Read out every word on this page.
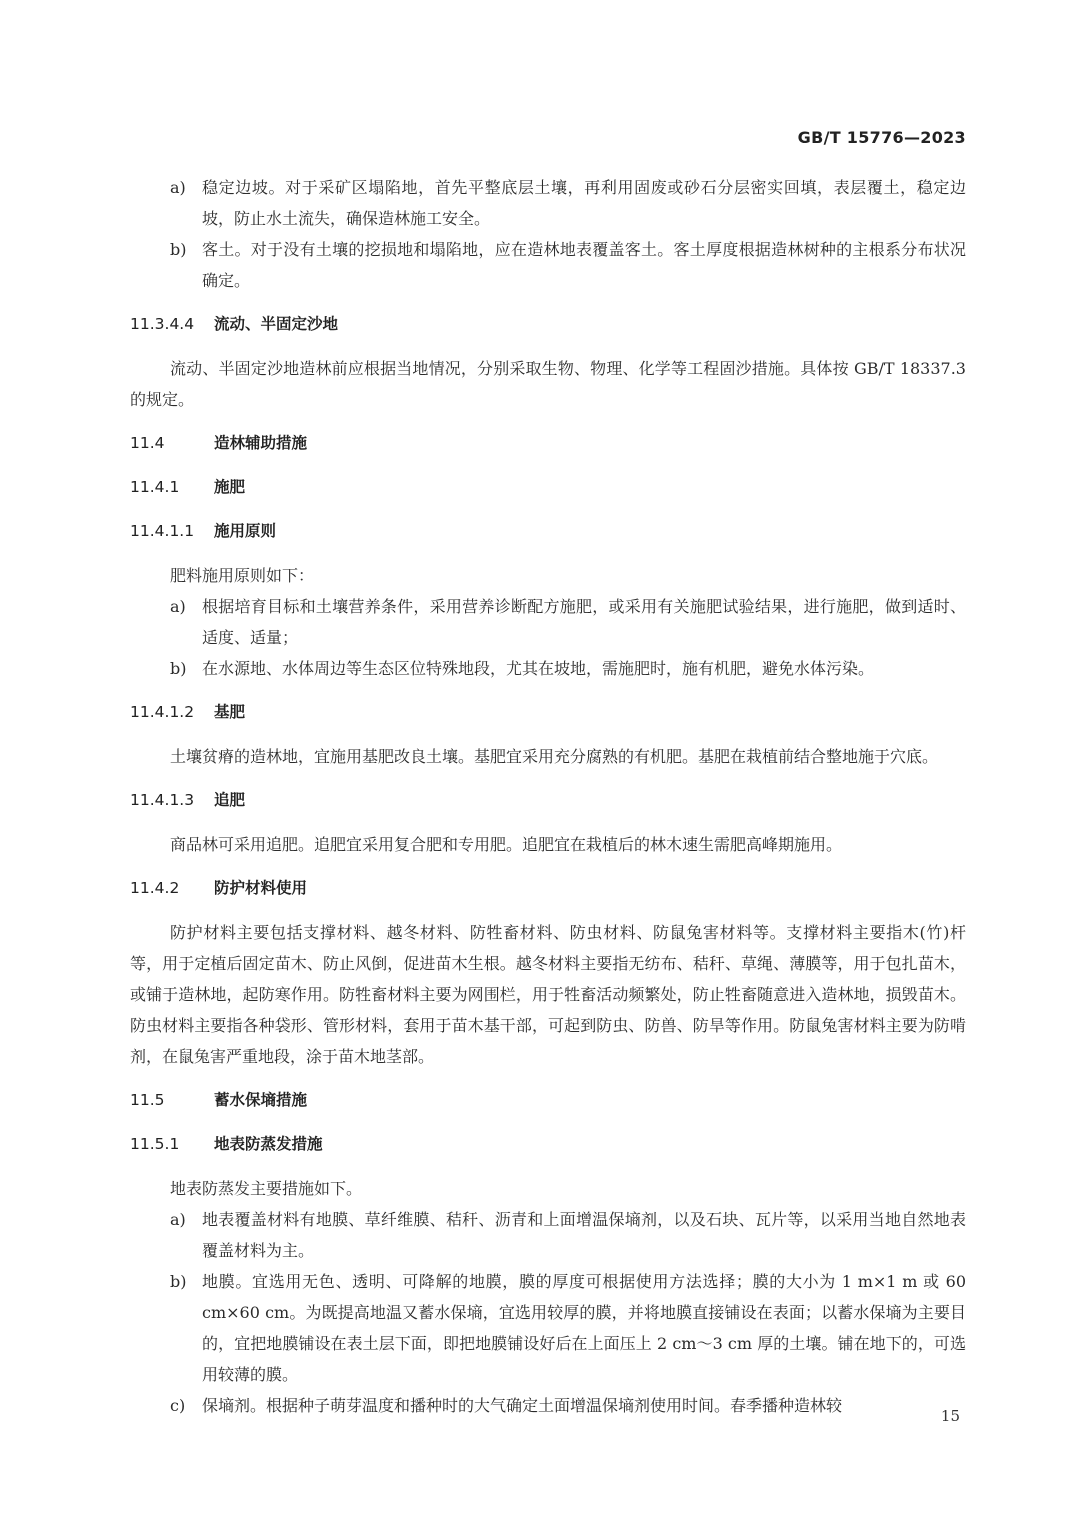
GB/T 15776—2023
a)	稳定边坡。对于采矿区塌陷地，首先平整底层土壤，再利用固废或砂石分层密实回填，表层覆土，稳定边坡，防止水土流失，确保造林施工安全。
b) 客土。对于没有土壤的挖损地和塌陷地，应在造林地表覆盖客土。客土厚度根据造林树种的主根系分布状况确定。
11.3.4.4 流动、半固定沙地

流动、半固定沙地造林前应根据当地情况，分别采取生物、物理、化学等工程固沙措施。具体按 GB/T 18337.3 的规定。

11.4	造林辅助措施
11.4.1 施肥
11.4.1.1 施用原则

肥料施用原则如下：

a)	根据培育目标和土壤营养条件，采用营养诊断配方施肥，或采用有关施肥试验结果，进行施肥，做到适时、适度、适量；
b) 在水源地、水体周边等生态区位特殊地段，尤其在坡地，需施肥时，施有机肥，避免水体污染。
11.4.1.2 基肥

土壤贫瘠的造林地，宜施用基肥改良土壤。基肥宜采用充分腐熟的有机肥。基肥在栽植前结合整地施于穴底。

11.4.1.3 追肥

商品林可采用追肥。追肥宜采用复合肥和专用肥。追肥宜在栽植后的林木速生需肥高峰期施用。

11.4.2 防护材料使用

防护材料主要包括支撑材料、越冬材料、防牲畜材料、防虫材料、防鼠兔害材料等。支撑材料主要指木(竹)杆等，用于定植后固定苗木、防止风倒，促进苗木生根。越冬材料主要指无纺布、秸秆、草绳、薄膜等，用于包扎苗木，或铺于造林地，起防寒作用。防牲畜材料主要为网围栏，用于牲畜活动频繁处，防止牲畜随意进入造林地，损毁苗木。防虫材料主要指各种袋形、管形材料，套用于苗木基干部，可起到防虫、防兽、防旱等作用。防鼠兔害材料主要为防啃剂，在鼠兔害严重地段，涂于苗木地茎部。

11.5	蓄水保墒措施
11.5.1 地表防蒸发措施

地表防蒸发主要措施如下。

a)	地表覆盖材料有地膜、草纤维膜、秸秆、沥青和上面增温保墒剂，以及石块、瓦片等，以采用当地自然地表覆盖材料为主。
b) 地膜。宜选用无色、透明、可降解的地膜，膜的厚度可根据使用方法选择；膜的大小为 1 m×1 m 或 60 cm×60 cm。为既提高地温又蓄水保墒，宜选用较厚的膜，并将地膜直接铺设在表面；以蓄水保墒为主要目的，宜把地膜铺设在表土层下面，即把地膜铺设好后在上面压上 2 cm～3 cm 厚的土壤。铺在地下的，可选用较薄的膜。
c)	保墒剂。根据种子萌芽温度和播种时的大气确定土面增温保墒剂使用时间。春季播种造林较
15
